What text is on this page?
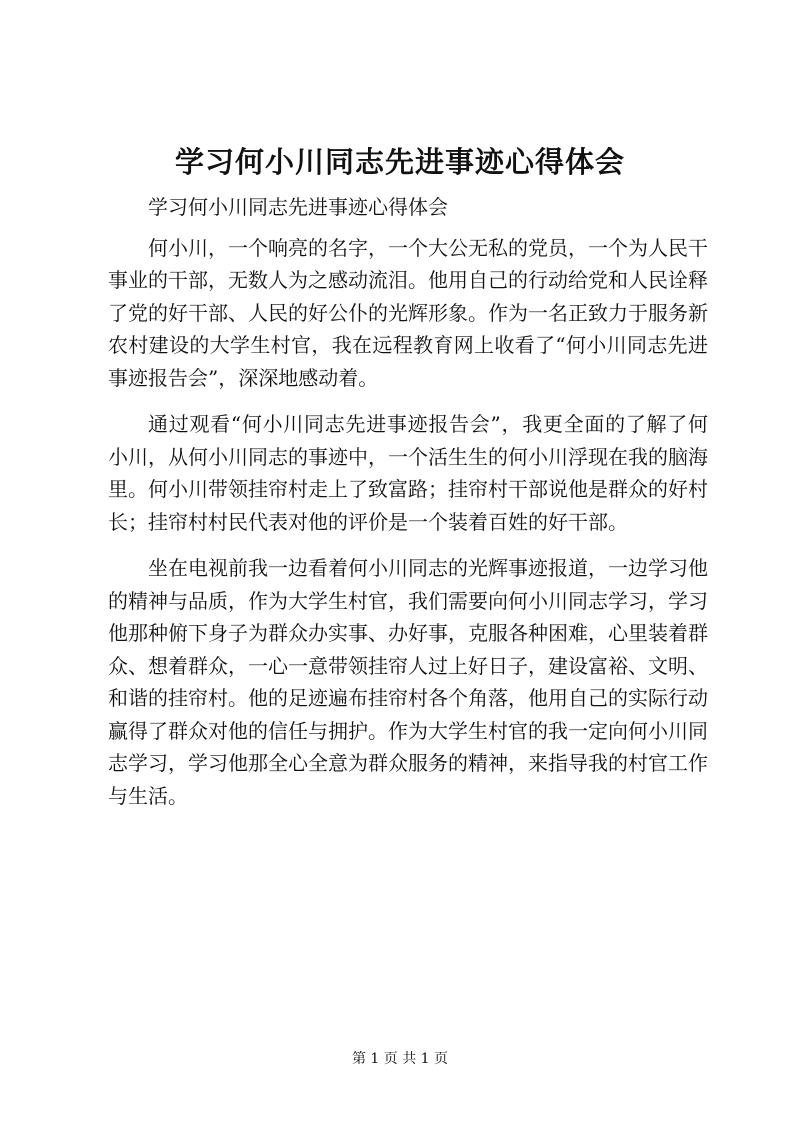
学习何小川同志先进事迹心得体会

学习何小川同志先进事迹心得体会

何小川，一个响亮的名字，一个大公无私的党员，一个为人民干事业的干部，无数人为之感动流泪。他用自己的行动给党和人民诠释了党的好干部、人民的好公仆的光辉形象。作为一名正致力于服务新农村建设的大学生村官，我在远程教育网上收看了“何小川同志先进事迹报告会”，深深地感动着。

通过观看“何小川同志先进事迹报告会”，我更全面的了解了何小川，从何小川同志的事迹中，一个活生生的何小川浮现在我的脑海里。何小川带领挂帘村走上了致富路；挂帘村干部说他是群众的好村长；挂帘村村民代表对他的评价是一个装着百姓的好干部。

坐在电视前我一边看着何小川同志的光辉事迹报道，一边学习他的精神与品质，作为大学生村官，我们需要向何小川同志学习，学习他那种俯下身子为群众办实事、办好事，克服各种困难，心里装着群众、想着群众，一心一意带领挂帘人过上好日子，建设富裕、文明、和谐的挂帘村。他的足迹遍布挂帘村各个角落，他用自己的实际行动赢得了群众对他的信任与拥护。作为大学生村官的我一定向何小川同志学习，学习他那全心全意为群众服务的精神，来指导我的村官工作与生活。

第 1 页 共 1 页
